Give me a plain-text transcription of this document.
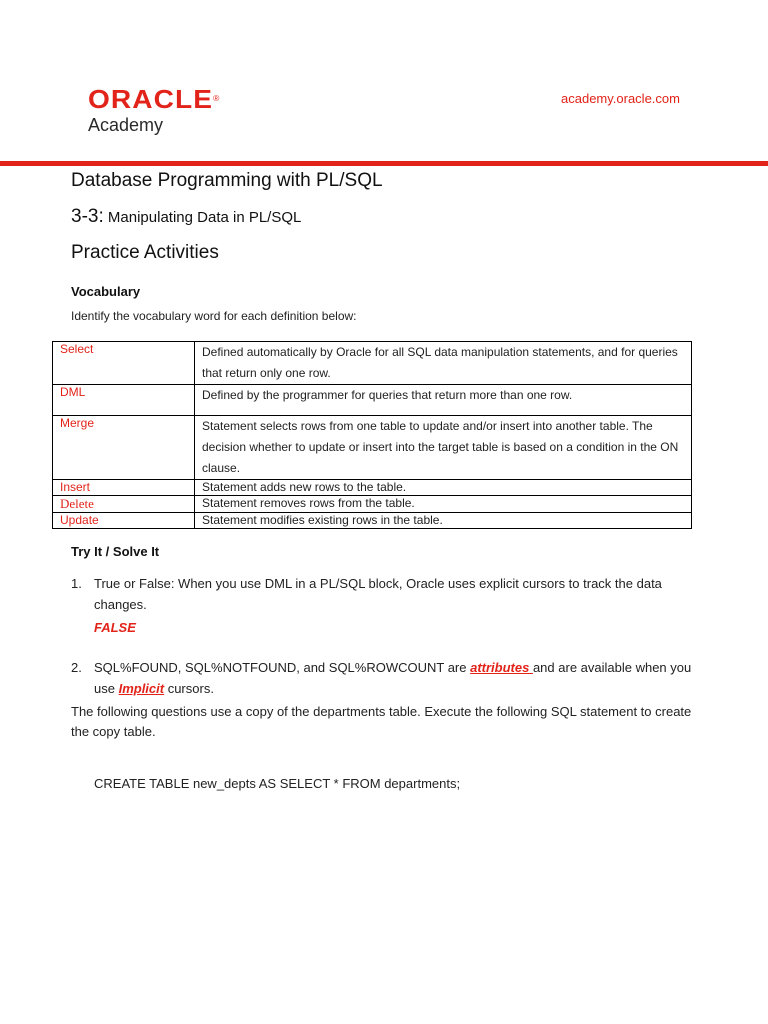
ORACLE®
Academy
academy.oracle.com
Database Programming with PL/SQL
3-3: Manipulating Data in PL/SQL
Practice Activities
Vocabulary
Identify the vocabulary word for each definition below:
Select	Defined automatically by Oracle for all SQL data manipulation statements, and for queries that return only one row.
DML	Defined by the programmer for queries that return more than one row.
Merge	Statement selects rows from one table to update and/or insert into another table. The decision whether to update or insert into the target table is based on a condition in the ON clause.
Insert	Statement adds new rows to the table.
Delete	Statement removes rows from the table.
Update	Statement modifies existing rows in the table.
Try It / Solve It
1. True or False: When you use DML in a PL/SQL block, Oracle uses explicit cursors to track the data changes.
FALSE
2. SQL%FOUND, SQL%NOTFOUND, and SQL%ROWCOUNT are attributes and are available when you use Implicit cursors.
The following questions use a copy of the departments table. Execute the following SQL statement to create the copy table.
CREATE TABLE new_depts AS SELECT * FROM departments;
